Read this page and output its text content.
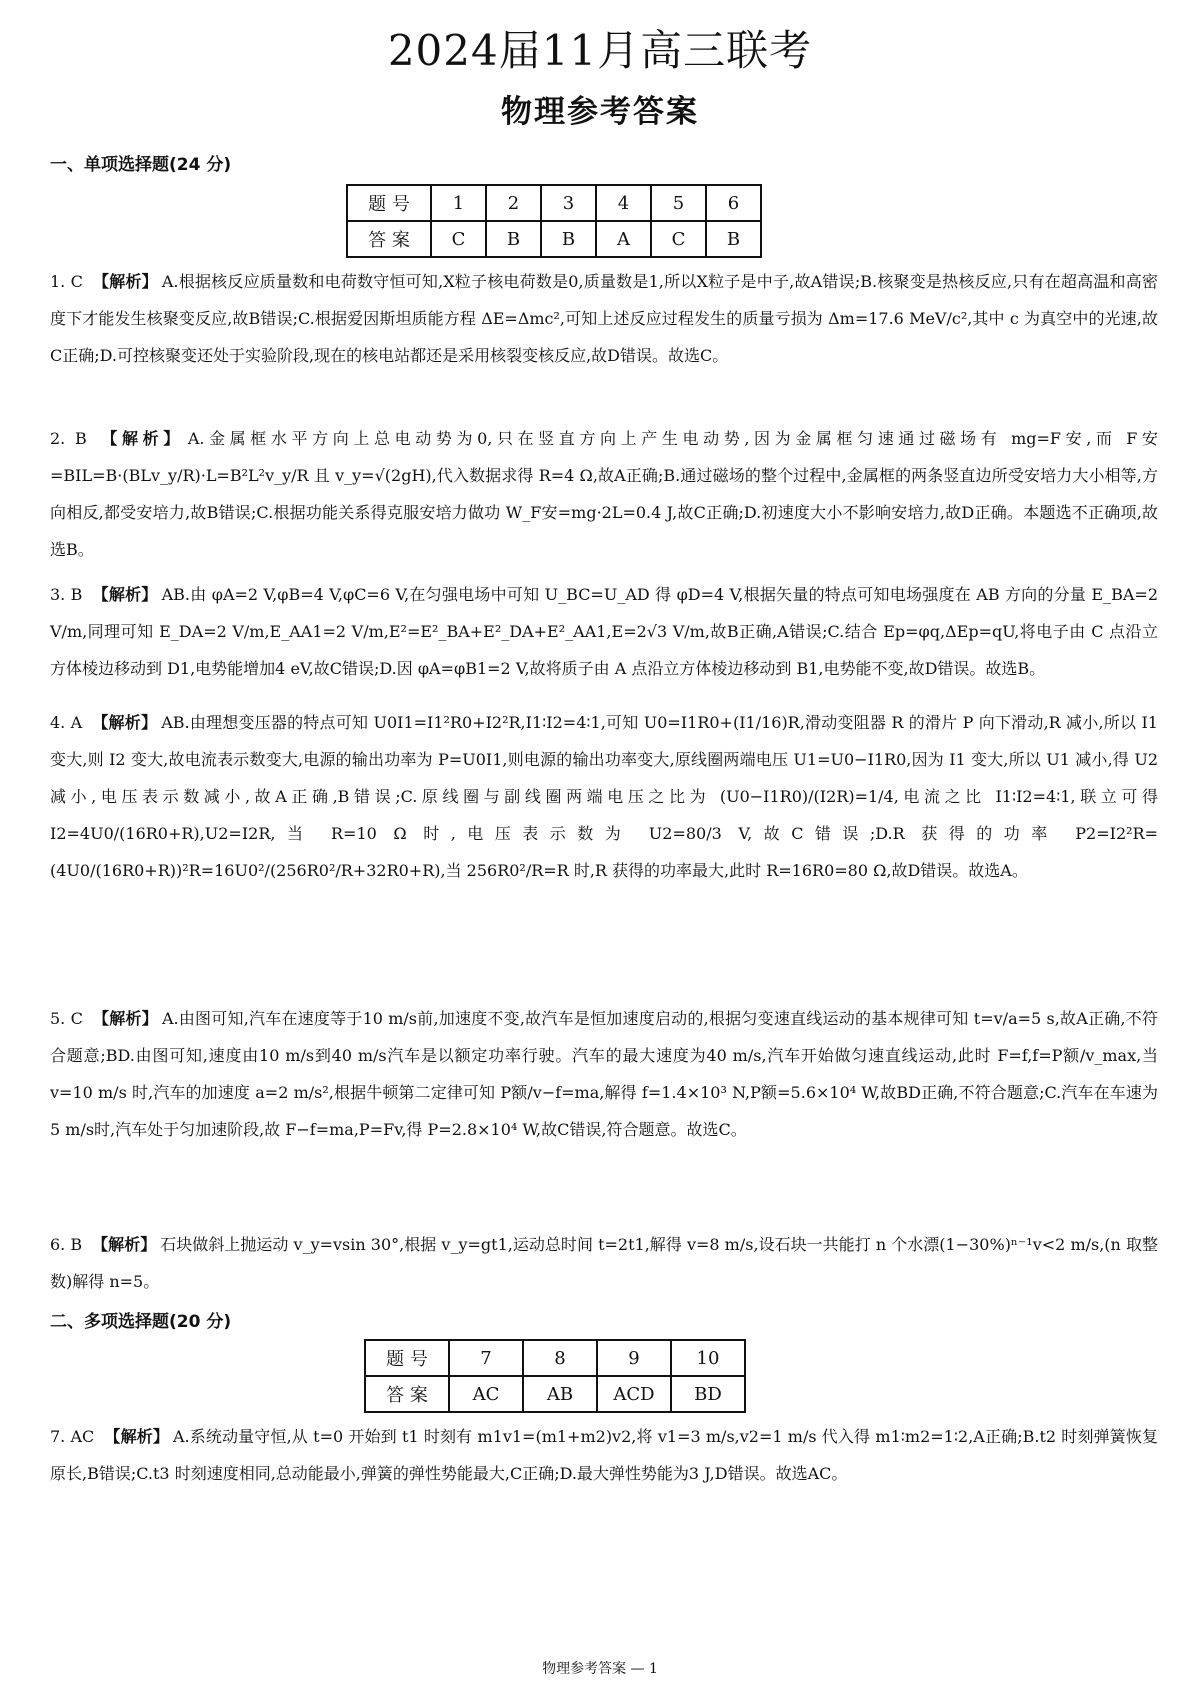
2024届11月高三联考
物理参考答案
一、单项选择题(24 分)
题 号	1	2	3	4	5	6
答 案	C	B	B	A	C	B

1. C 【解析】 A.根据核反应质量数和电荷数守恒可知,X粒子核电荷数是0,质量数是1,所以X粒子是中子,故A错误;B.核聚变是热核反应,只有在超高温和高密度下才能发生核聚变反应,故B错误;C.根据爱因斯坦质能方程 ΔE=Δmc²,可知上述反应过程发生的质量亏损为 Δm=17.6 MeV/c²,其中 c 为真空中的光速,故C正确;D.可控核聚变还处于实验阶段,现在的核电站都还是采用核裂变核反应,故D错误。故选C。

2. B 【解析】 A.金属框水平方向上总电动势为0,只在竖直方向上产生电动势,因为金属框匀速通过磁场有 mg=F安,而 F安=BIL=B·(BLv_y/R)·L=B²L²v_y/R 且 v_y=√(2gH),代入数据求得 R=4 Ω,故A正确;B.通过磁场的整个过程中,金属框的两条竖直边所受安培力大小相等,方向相反,都受安培力,故B错误;C.根据功能关系得克服安培力做功 W_F安=mg·2L=0.4 J,故C正确;D.初速度大小不影响安培力,故D正确。本题选不正确项,故选B。

3. B 【解析】 AB.由 φA=2 V,φB=4 V,φC=6 V,在匀强电场中可知 U_BC=U_AD 得 φD=4 V,根据矢量的特点可知电场强度在 AB 方向的分量 E_BA=2 V/m,同理可知 E_DA=2 V/m,E_AA1=2 V/m,E²=E²_BA+E²_DA+E²_AA1,E=2√3 V/m,故B正确,A错误;C.结合 Ep=φq,ΔEp=qU,将电子由 C 点沿立方体棱边移动到 D1,电势能增加4 eV,故C错误;D.因 φA=φB1=2 V,故将质子由 A 点沿立方体棱边移动到 B1,电势能不变,故D错误。故选B。

4. A 【解析】 AB.由理想变压器的特点可知 U0I1=I1²R0+I2²R,I1∶I2=4∶1,可知 U0=I1R0+(I1/16)R,滑动变阻器 R 的滑片 P 向下滑动,R 减小,所以 I1 变大,则 I2 变大,故电流表示数变大,电源的输出功率为 P=U0I1,则电源的输出功率变大,原线圈两端电压 U1=U0−I1R0,因为 I1 变大,所以 U1 减小,得 U2 减小,电压表示数减小,故A正确,B错误;C.原线圈与副线圈两端电压之比为 (U0−I1R0)/(I2R)=1/4,电流之比 I1∶I2=4∶1,联立可得 I2=4U0/(16R0+R),U2=I2R,当 R=10 Ω 时,电压表示数为 U2=80/3 V,故C错误;D.R 获得的功率 P2=I2²R=(4U0/(16R0+R))²R=16U0²/(256R0²/R+32R0+R),当 256R0²/R=R 时,R 获得的功率最大,此时 R=16R0=80 Ω,故D错误。故选A。

5. C 【解析】 A.由图可知,汽车在速度等于10 m/s前,加速度不变,故汽车是恒加速度启动的,根据匀变速直线运动的基本规律可知 t=v/a=5 s,故A正确,不符合题意;BD.由图可知,速度由10 m/s到40 m/s汽车是以额定功率行驶。汽车的最大速度为40 m/s,汽车开始做匀速直线运动,此时 F=f,f=P额/v_max,当 v=10 m/s 时,汽车的加速度 a=2 m/s²,根据牛顿第二定律可知 P额/v−f=ma,解得 f=1.4×10³ N,P额=5.6×10⁴ W,故BD正确,不符合题意;C.汽车在车速为5 m/s时,汽车处于匀加速阶段,故 F−f=ma,P=Fv,得 P=2.8×10⁴ W,故C错误,符合题意。故选C。

6. B 【解析】 石块做斜上抛运动 v_y=vsin 30°,根据 v_y=gt1,运动总时间 t=2t1,解得 v=8 m/s,设石块一共能打 n 个水漂(1−30%)ⁿ⁻¹v<2 m/s,(n 取整数)解得 n=5。

二、多项选择题(20 分)
题 号	7	8	9	10
答 案	AC	AB	ACD	BD

7. AC 【解析】 A.系统动量守恒,从 t=0 开始到 t1 时刻有 m1v1=(m1+m2)v2,将 v1=3 m/s,v2=1 m/s 代入得 m1∶m2=1∶2,A正确;B.t2 时刻弹簧恢复原长,B错误;C.t3 时刻速度相同,总动能最小,弹簧的弹性势能最大,C正确;D.最大弹性势能为3 J,D错误。故选AC。

物理参考答案 — 1
